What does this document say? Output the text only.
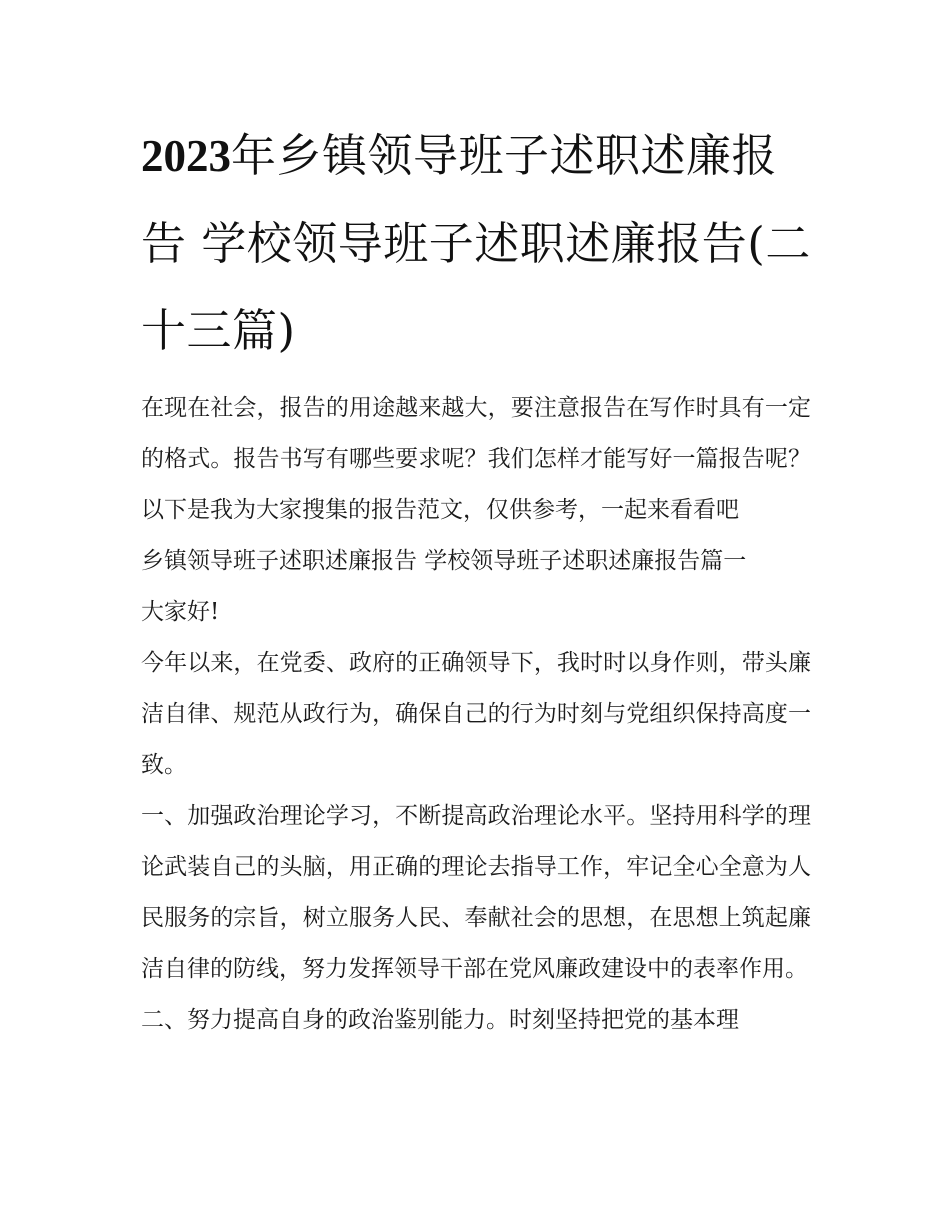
2023年乡镇领导班子述职述廉报告 学校领导班子述职述廉报告(二十三篇)

在现在社会，报告的用途越来越大，要注意报告在写作时具有一定的格式。报告书写有哪些要求呢？我们怎样才能写好一篇报告呢？以下是我为大家搜集的报告范文，仅供参考，一起来看看吧

乡镇领导班子述职述廉报告 学校领导班子述职述廉报告篇一

大家好!

今年以来，在党委、政府的正确领导下，我时时以身作则，带头廉洁自律、规范从政行为，确保自己的行为时刻与党组织保持高度一致。

一、加强政治理论学习，不断提高政治理论水平。坚持用科学的理论武装自己的头脑，用正确的理论去指导工作，牢记全心全意为人民服务的宗旨，树立服务人民、奉献社会的思想，在思想上筑起廉洁自律的防线，努力发挥领导干部在党风廉政建设中的表率作用。

二、努力提高自身的政治鉴别能力。时刻坚持把党的基本理
